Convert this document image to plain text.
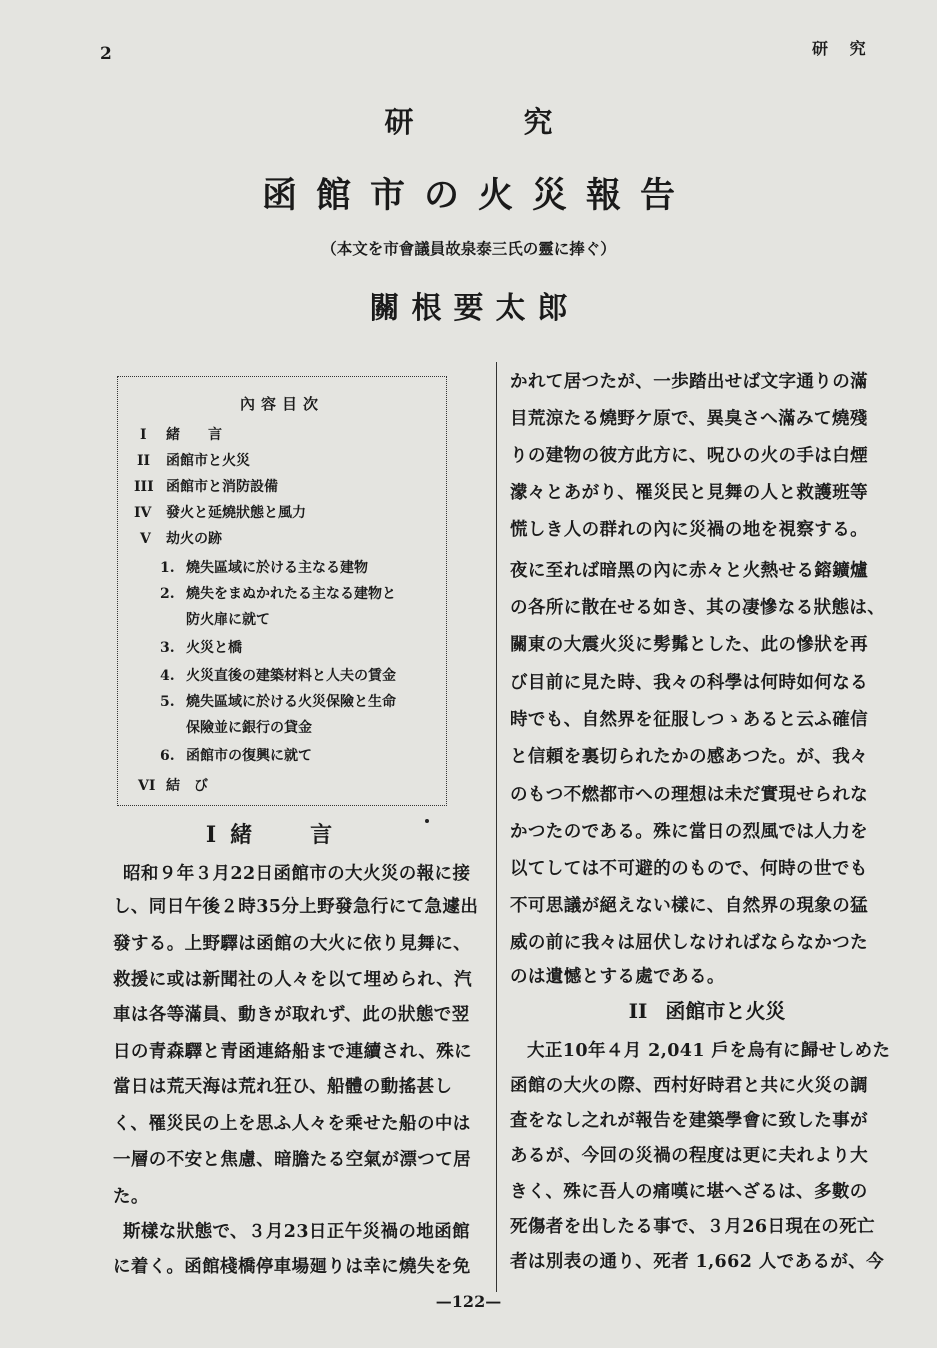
2	研 究
研究
函館市の火災報告
（本文を市會議員故泉泰三氏の靈に捧ぐ）
關根要太郎
內容目次
I 緒　　言
II 函館市と火災
III 函館市と消防設備
IV 發火と延燒狀態と風力
V 劫火の跡
1. 燒失區域に於ける主なる建物
2. 燒失をまぬかれたる主なる建物と
防火扉に就て
3. 火災と橋
4. 火災直後の建築材料と人夫の賃金
5. 燒失區域に於ける火災保險と生命
保險並に銀行の貸金
6. 函館市の復興に就て
VI 結　び
I 緒言
昭和９年３月22日函館市の大火災の報に接
し、同日午後２時35分上野發急行にて急遽出
發する。上野驛は函館の大火に依り見舞に、
救援に或は新聞社の人々を以て埋められ、汽
車は各等滿員、動きが取れず、此の狀態で翌
日の青森驛と青函連絡船まで連續され、殊に
當日は荒天海は荒れ狂ひ、船體の動搖甚し
く、罹災民の上を思ふ人々を乘せた船の中は
一層の不安と焦慮、暗膽たる空氣が漂つて居
た。
斯樣な狀態で、３月23日正午災禍の地函館
に着く。函館棧橋停車場廻りは幸に燒失を免
かれて居つたが、一歩踏出せば文字通りの滿
目荒涼たる燒野ケ原で、異臭さへ滿みて燒殘
りの建物の彼方此方に、呪ひの火の手は白煙
濛々とあがり、罹災民と見舞の人と救護班等
慌しき人の群れの內に災禍の地を視察する。
夜に至れば暗黑の內に赤々と火熱せる鎔鑛爐
の各所に散在せる如き、其の凄慘なる狀態は、
關東の大震火災に髣髴とした、此の慘狀を再
び目前に見た時、我々の科學は何時如何なる
時でも、自然界を征服しつゝあると云ふ確信
と信頼を裏切られたかの感あつた。が、我々
のもつ不燃都市への理想は未だ實現せられな
かつたのである。殊に當日の烈風では人力を
以てしては不可避的のもので、何時の世でも
不可思議が絕えない樣に、自然界の現象の猛
威の前に我々は屈伏しなければならなかつた
のは遺憾とする處である。
II 函館市と火災
大正10年４月 2,041 戶を烏有に歸せしめた
函館の大火の際、西村好時君と共に火災の調
査をなし之れが報告を建築學會に致した事が
あるが、今回の災禍の程度は更に夫れより大
きく、殊に吾人の痛嘆に堪へざるは、多數の
死傷者を出したる事で、３月26日現在の死亡
者は別表の通り、死者 1,662 人であるが、今
—122—
